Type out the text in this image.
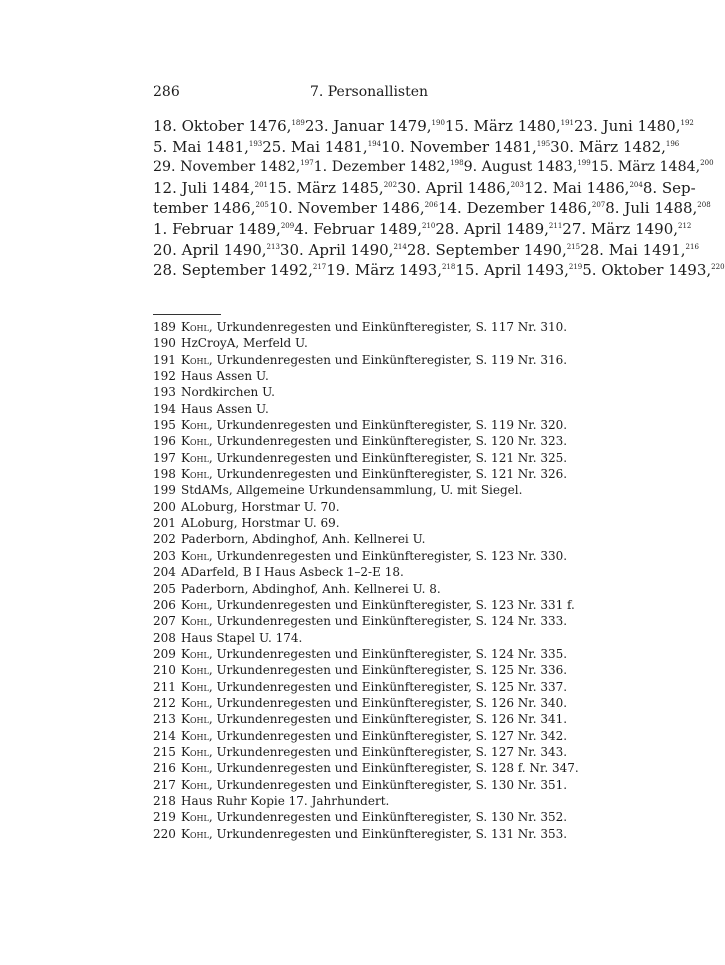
286	7. Personallisten
18. Oktober 1476,$^{189}$ 23. Januar 1479,$^{190}$ 15. März 1480,$^{191}$ 23. Juni 1480,$^{192}$
5. Mai 1481,$^{193}$ 25. Mai 1481,$^{194}$ 10. November 1481,$^{195}$ 30. März 1482,$^{196}$
29. November 1482,$^{197}$ 1. Dezember 1482,$^{198}$ 9. August 1483,$^{199}$ 15. März 1484,$^{200}$
12. Juli 1484,$^{201}$ 15. März 1485,$^{202}$ 30. April 1486,$^{203}$ 12. Mai 1486,$^{204}$ 8. Sep-
tember 1486,$^{205}$ 10. November 1486,$^{206}$ 14. Dezember 1486,$^{207}$ 8. Juli 1488,$^{208}$
1. Februar 1489,$^{209}$ 4. Februar 1489,$^{210}$ 28. April 1489,$^{211}$ 27. März 1490,$^{212}$
20. April 1490,$^{213}$ 30. April 1490,$^{214}$ 28. September 1490,$^{215}$ 28. Mai 1491,$^{216}$
28. September 1492,$^{217}$ 19. März 1493,$^{218}$ 15. April 1493,$^{219}$ 5. Oktober 1493,$^{220}$
189 Kohl, Urkundenregesten und Einkünfteregister, S. 117 Nr. 310.
190 HzCroyA, Merfeld U.
191 Kohl, Urkundenregesten und Einkünfteregister, S. 119 Nr. 316.
192 Haus Assen U.
193 Nordkirchen U.
194 Haus Assen U.
195 Kohl, Urkundenregesten und Einkünfteregister, S. 119 Nr. 320.
196 Kohl, Urkundenregesten und Einkünfteregister, S. 120 Nr. 323.
197 Kohl, Urkundenregesten und Einkünfteregister, S. 121 Nr. 325.
198 Kohl, Urkundenregesten und Einkünfteregister, S. 121 Nr. 326.
199 StdAMs, Allgemeine Urkundensammlung, U. mit Siegel.
200 ALoburg, Horstmar U. 70.
201 ALoburg, Horstmar U. 69.
202 Paderborn, Abdinghof, Anh. Kellnerei U.
203 Kohl, Urkundenregesten und Einkünfteregister, S. 123 Nr. 330.
204 ADarfeld, B I Haus Asbeck 1–2-E 18.
205 Paderborn, Abdinghof, Anh. Kellnerei U. 8.
206 Kohl, Urkundenregesten und Einkünfteregister, S. 123 Nr. 331 f.
207 Kohl, Urkundenregesten und Einkünfteregister, S. 124 Nr. 333.
208 Haus Stapel U. 174.
209 Kohl, Urkundenregesten und Einkünfteregister, S. 124 Nr. 335.
210 Kohl, Urkundenregesten und Einkünfteregister, S. 125 Nr. 336.
211 Kohl, Urkundenregesten und Einkünfteregister, S. 125 Nr. 337.
212 Kohl, Urkundenregesten und Einkünfteregister, S. 126 Nr. 340.
213 Kohl, Urkundenregesten und Einkünfteregister, S. 126 Nr. 341.
214 Kohl, Urkundenregesten und Einkünfteregister, S. 127 Nr. 342.
215 Kohl, Urkundenregesten und Einkünfteregister, S. 127 Nr. 343.
216 Kohl, Urkundenregesten und Einkünfteregister, S. 128 f. Nr. 347.
217 Kohl, Urkundenregesten und Einkünfteregister, S. 130 Nr. 351.
218 Haus Ruhr Kopie 17. Jahrhundert.
219 Kohl, Urkundenregesten und Einkünfteregister, S. 130 Nr. 352.
220 Kohl, Urkundenregesten und Einkünfteregister, S. 131 Nr. 353.
